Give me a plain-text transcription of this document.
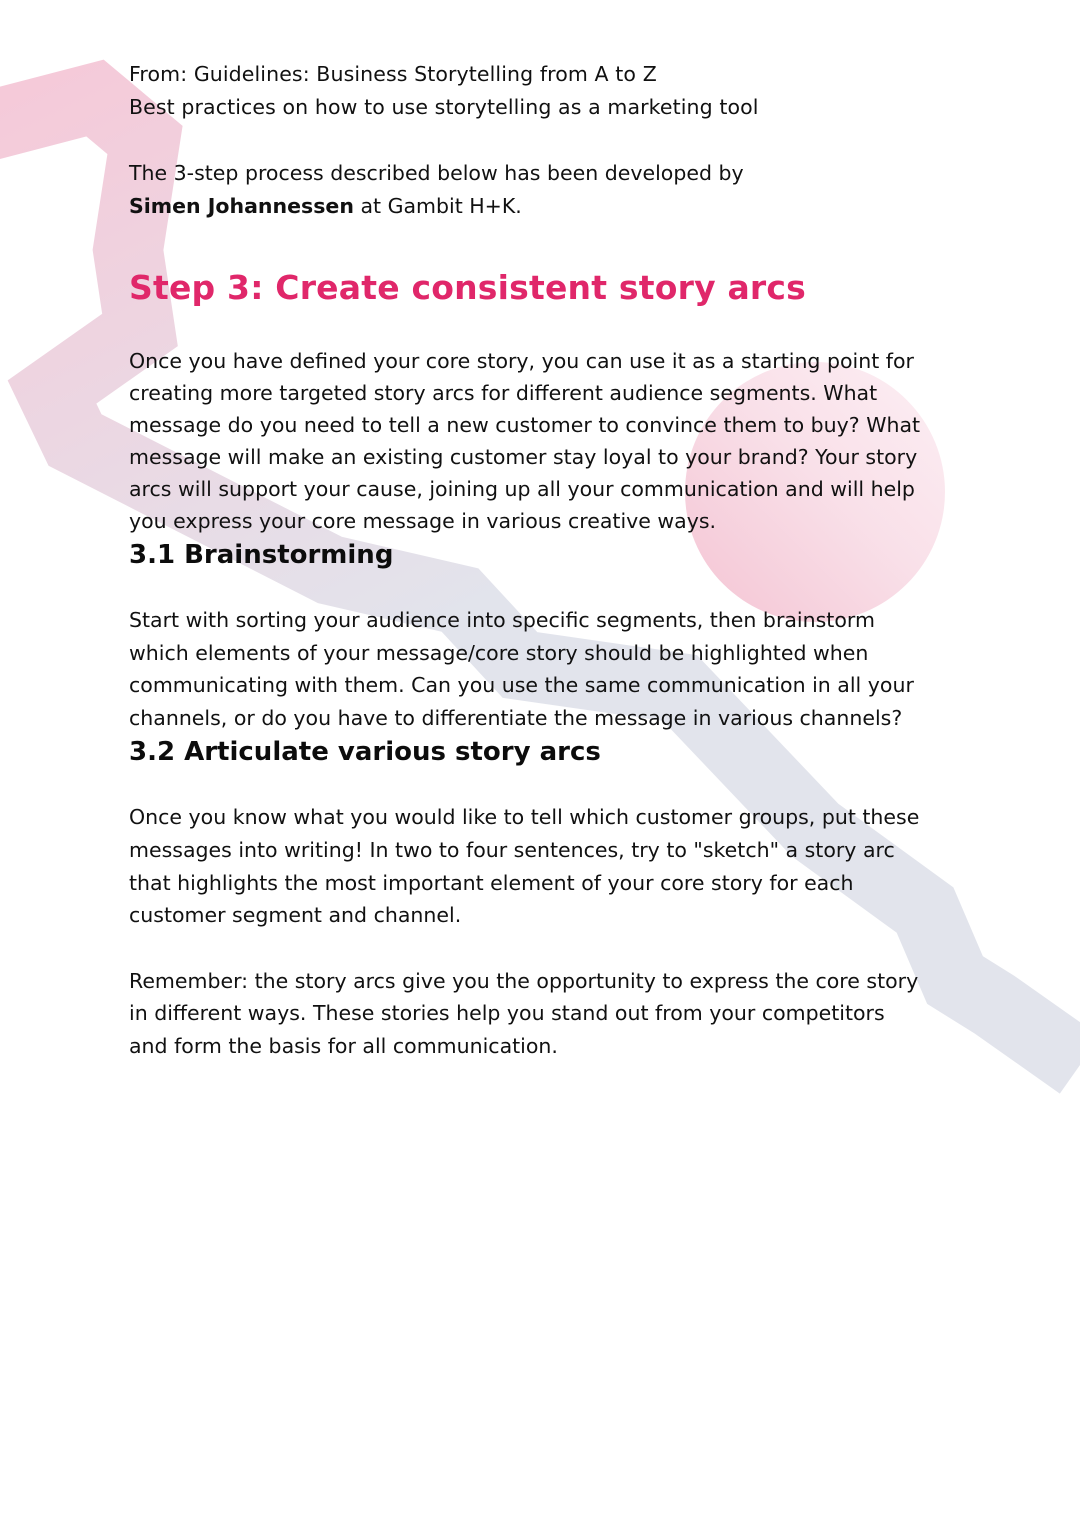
From: Guidelines: Business Storytelling from A to Z

Best practices on how to use storytelling as a marketing tool

The 3-step process described below has been developed by
Simen Johannessen at Gambit H+K.

Step 3: Create consistent story arcs

Once you have defined your core story, you can use it as a starting point for creating more targeted story arcs for different audience segments. What message do you need to tell a new customer to convince them to buy? What message will make an existing customer stay loyal to your brand? Your story arcs will support your cause, joining up all your communication and will help you express your core message in various creative ways.

3.1 Brainstorming

Start with sorting your audience into specific segments, then brainstorm which elements of your message/core story should be highlighted when communicating with them. Can you use the same communication in all your channels, or do you have to differentiate the message in various channels?

3.2 Articulate various story arcs

Once you know what you would like to tell which customer groups, put these messages into writing! In two to four sentences, try to "sketch" a story arc that highlights the most important element of your core story for each customer segment and channel.

Remember: the story arcs give you the opportunity to express the core story in different ways. These stories help you stand out from your competitors and form the basis for all communication.
